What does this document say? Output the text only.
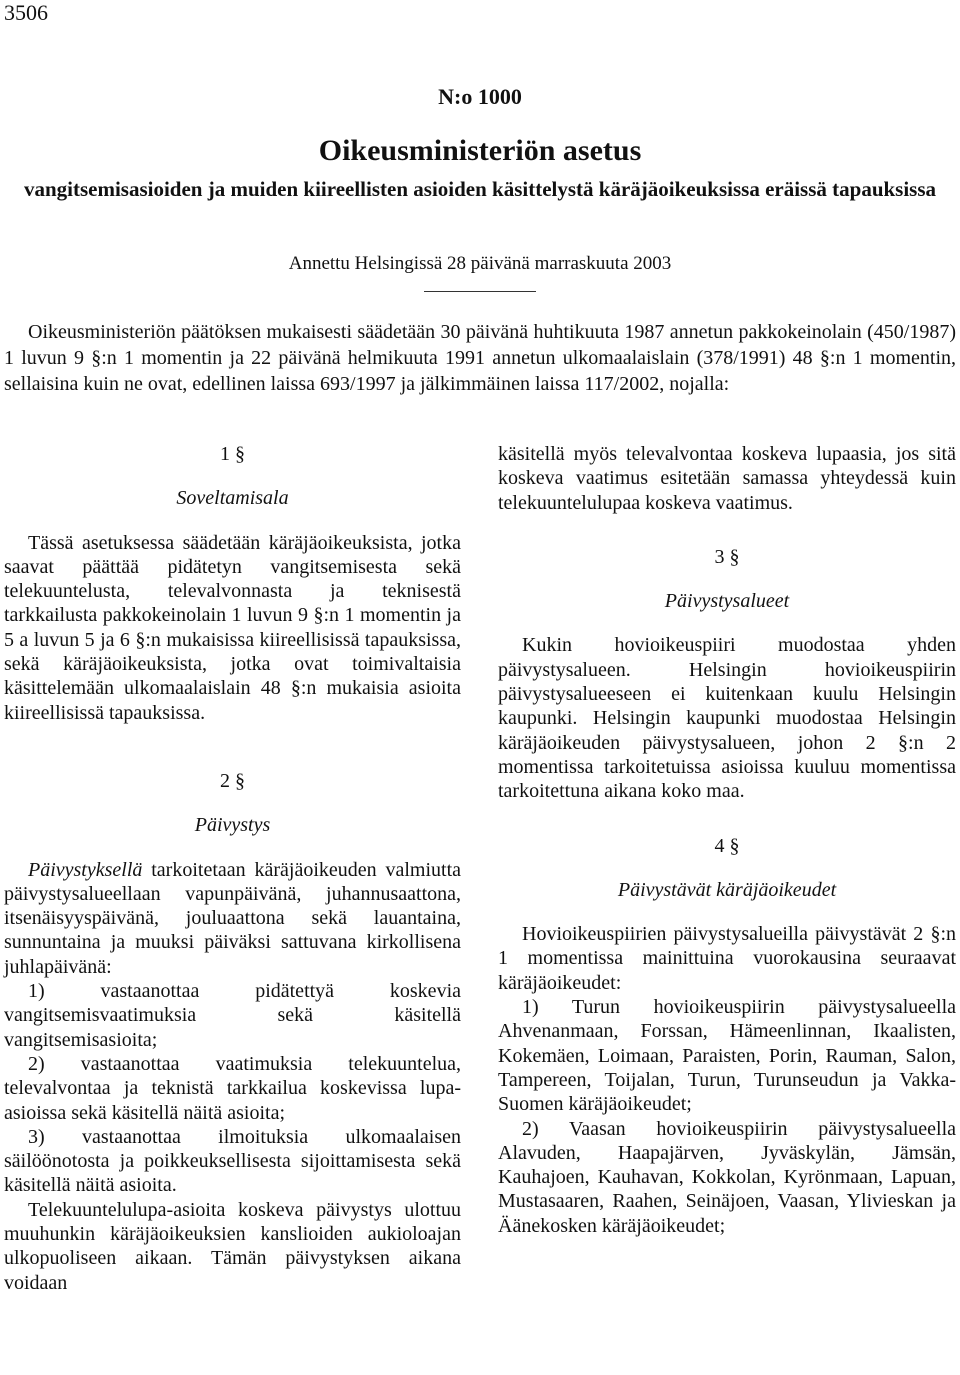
3506
N:o 1000
Oikeusministeriön asetus
vangitsemisasioiden ja muiden kiireellisten asioiden käsittelystä käräjäoikeuksissa eräissä tapauksissa
Annettu Helsingissä 28 päivänä marraskuuta 2003

Oikeusministeriön päätöksen mukaisesti säädetään 30 päivänä huhtikuuta 1987 annetun pakkokeinolain (450/1987) 1 luvun 9 §:n 1 momentin ja 22 päivänä helmikuuta 1991 annetun ulkomaalaislain (378/1991) 48 §:n 1 momentin, sellaisina kuin ne ovat, edellinen laissa 693/1997 ja jälkimmäinen laissa 117/2002, nojalla:

1 §

Soveltamisala

Tässä asetuksessa säädetään käräjäoikeuksista, jotka saavat päättää pidätetyn vangitsemisesta sekä telekuuntelusta, televalvonnasta ja teknisestä tarkkailusta pakkokeinolain 1 luvun 9 §:n 1 momentin ja 5 a luvun 5 ja 6 §:n mukaisissa kiireellisissä tapauksissa, sekä käräjäoikeuksista, jotka ovat toimivaltaisia käsittelemään ulkomaalaislain 48 §:n mukaisia asioita kiireellisissä tapauksissa.

2 §

Päivystys

Päivystyksellä tarkoitetaan käräjäoikeuden valmiutta päivystysalueellaan vapunpäivänä, juhannusaattona, itsenäisyyspäivänä, jouluaattona sekä lauantaina, sunnuntaina ja muuksi päiväksi sattuvana kirkollisena juhlapäivänä:

1) vastaanottaa pidätettyä koskevia vangitsemisvaatimuksia sekä käsitellä vangitsemisasioita;

2) vastaanottaa vaatimuksia telekuuntelua, televalvontaa ja teknistä tarkkailua koskevissa lupa-asioissa sekä käsitellä näitä asioita;

3) vastaanottaa ilmoituksia ulkomaalaisen säilöönotosta ja poikkeuksellisesta sijoittamisesta sekä käsitellä näitä asioita.

Telekuuntelulupa-asioita koskeva päivystys ulottuu muuhunkin käräjäoikeuksien kanslioiden aukioloajan ulkopuoliseen aikaan. Tämän päivystyksen aikana voidaan

käsitellä myös televalvontaa koskeva lupaasia, jos sitä koskeva vaatimus esitetään samassa yhteydessä kuin telekuuntelulupaa koskeva vaatimus.

3 §

Päivystysalueet

Kukin hovioikeuspiiri muodostaa yhden päivystysalueen. Helsingin hovioikeuspiirin päivystysalueeseen ei kuitenkaan kuulu Helsingin kaupunki. Helsingin kaupunki muodostaa Helsingin käräjäoikeuden päivystysalueen, johon 2 §:n 2 momentissa tarkoitetuissa asioissa kuuluu momentissa tarkoitettuna aikana koko maa.

4 §

Päivystävät käräjäoikeudet

Hovioikeuspiirien päivystysalueilla päivystävät 2 §:n 1 momentissa mainittuina vuorokausina seuraavat käräjäoikeudet:

1) Turun hovioikeuspiirin päivystysalueella Ahvenanmaan, Forssan, Hämeenlinnan, Ikaalisten, Kokemäen, Loimaan, Paraisten, Porin, Rauman, Salon, Tampereen, Toijalan, Turun, Turunseudun ja Vakka-Suomen käräjäoikeudet;

2) Vaasan hovioikeuspiirin päivystysalueella Alavuden, Haapajärven, Jyväskylän, Jämsän, Kauhajoen, Kauhavan, Kokkolan, Kyrönmaan, Lapuan, Mustasaaren, Raahen, Seinäjoen, Vaasan, Ylivieskan ja Äänekosken käräjäoikeudet;
